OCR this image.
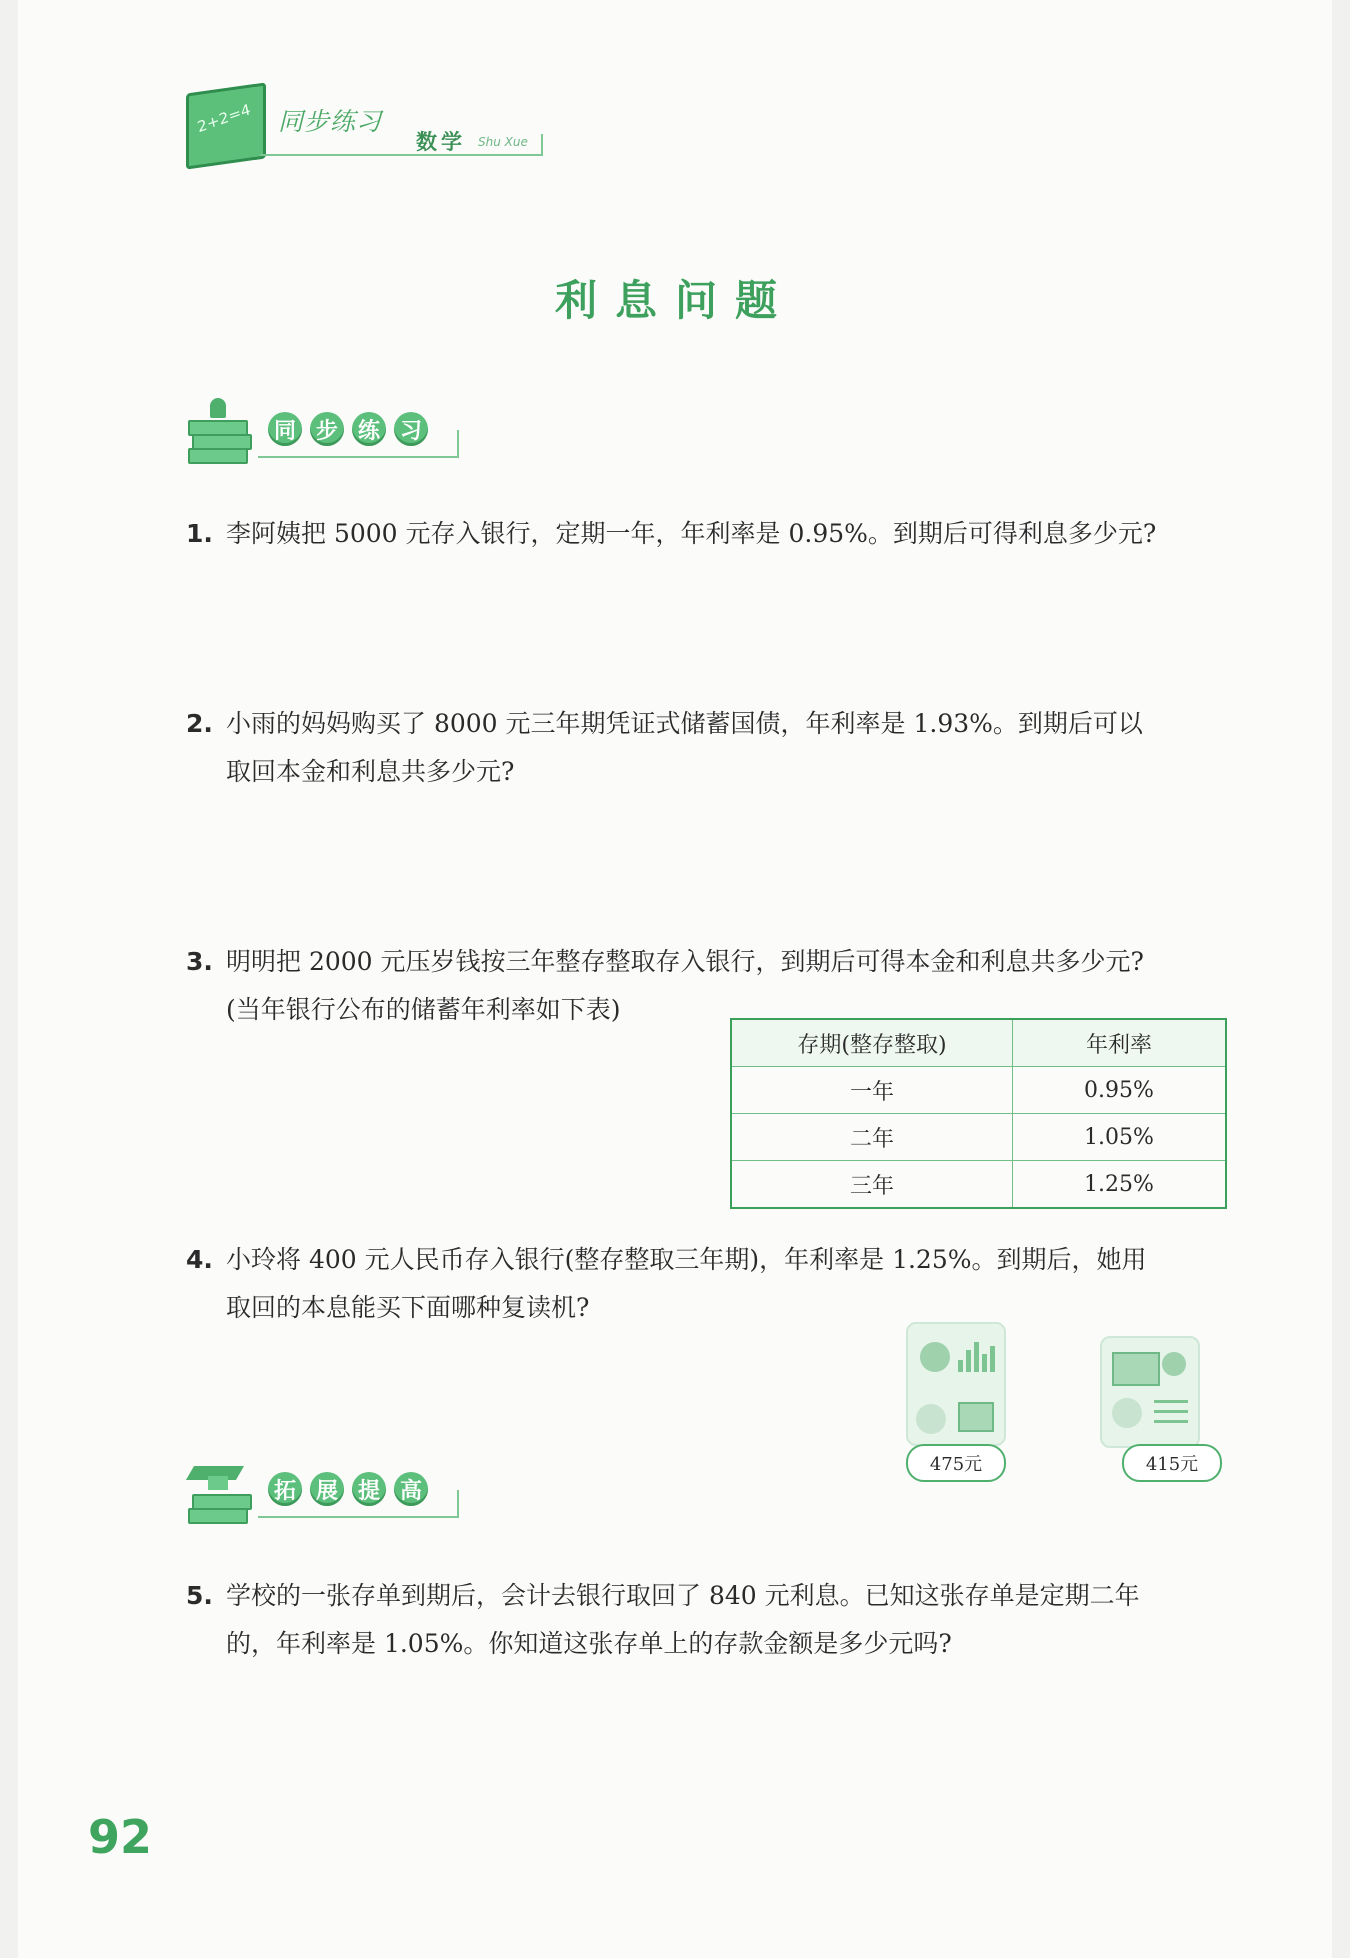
2+2=4 同步练习
数学 Shu Xue
利息问题
同 步 练 习
1. 李阿姨把 5000 元存入银行，定期一年，年利率是 0.95%。到期后可得利息多少元?
2. 小雨的妈妈购买了 8000 元三年期凭证式储蓄国债，年利率是 1.93%。到期后可以
取回本金和利息共多少元?
3. 明明把 2000 元压岁钱按三年整存整取存入银行，到期后可得本金和利息共多少元?
(当年银行公布的储蓄年利率如下表)
存期(整存整取)	年利率
一年	0.95%
二年	1.05%
三年	1.25%
4. 小玲将 400 元人民币存入银行(整存整取三年期)，年利率是 1.25%。到期后，她用
取回的本息能买下面哪种复读机?
475元	415元
拓 展 提 高
5. 学校的一张存单到期后，会计去银行取回了 840 元利息。已知这张存单是定期二年
的，年利率是 1.05%。你知道这张存单上的存款金额是多少元吗?
92
